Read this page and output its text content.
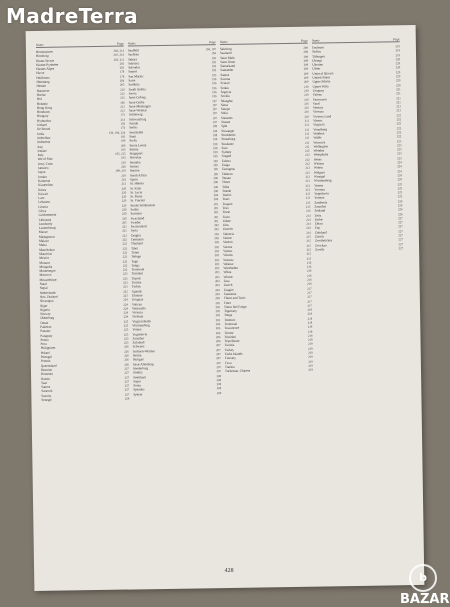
MadreTerra
b
BAZAR
Name	Page
Homonymes	204, 214
Homburg	210, 214
Haute-Savoie	203, 211
Hautes-Pyrénées	203
Hautes-Alpes	203
Havre	178
Heilbronn	178
Hemming	204
Hessen	205
Hannover	210
Hochst	212
Hof	212
Holstein	160
Hong Kong	213
Honduras	213
Hungary	173
Hyderabad	214
Iceland	193
Ile Rouad	174
India	130, 184, 224
Indochina	193
Indonesia	199
Iraq	209
Ireland	185
Italy	165, 215
Isle of Man	193
Ivory Coast	219
Jamaica	220
Japan	199, 219
Jordan	219
Kamerun	219
Kiautschou	213
Korea	220
Kuwait	220
Laos	220
Lebanon	220
Liberia	220
Libya	220
Liechtenstein	220
Lithuania	220
Lombardy	205
Luxembourg	221
Macao	221
Madagascar	221
Malaya	222
Malta	222
Manchukuo	222
Mauritius	222
Mexico	222
Monaco	222
Mongolia	222
Montenegro	222
Morocco	223
Mozambique	223
Natal	223
Nepal	223
Netherlands	223
New Zealand	223
Nicaragua	224
Niger	224
Nigeria	224
Norway	224
Oldenburg	224
Oman	225
Pakistan	225
Panama	225
Paraguay	225
Persia	225
Peru	225
Philippines	226
Poland	226
Portugal	226
Prussia	226
Queensland	226
Reunion	227
Romania	227
Russia	227
Saar	227
Samoa	227
Sarawak	227
Saxony	227
Senegal	228
Name	Page
Saalfeld	194, 197
Sachsen	194
Sahara	195
Salonica	195
Salvador	195
Samos	195
San Marino	195
Sarre	196
Sardinia	196
Saudi Arabia	196
Savoy	196
Saxe-Coburg	196
Saxe-Gotha	197
Saxe-Meiningen	197
Saxe-Weimar	197
Schleswig	197
Schwarzburg	197
Scinde	197
Serbia	198
Seychelles	198
Siam	198
Sicily	198
Sierra Leone	198
Silesia	198
Singapore	199
Slovakia	199
Somalia	199
Sonora	199
Sopron	199
South Africa	199
Spain	200
St. Helena	200
St. Kitts	200
St. Lucia	200
St. Pierre	200
St. Vincent	200
Straits Settlements	201
Sudan	201
Surinam	201
Swaziland	201
Sweden	201
Switzerland	202
Syria	202
Tangier	202
Tasmania	202
Thailand	202
Tibet	202
Timor	203
Tobago	203
Togo	203
Tonga	203
Transvaal	203
Trinidad	203
Tripoli	203
Tunisia	204
Turkey	204
Uganda	204
Ukraine	204
Uruguay	204
Vatican	205
Venezuela	205
Victoria	205
Vietnam	205
Virgin Islands	205
Württemberg	206
Yemen	206
Yugoslavia	206
Zanzibar	206
Zululand	206
Schwerin	207
Sachsen-Weimar	207
Stettin	207
Stuttgart	207
Saxe-Altenburg	207
Sonderburg	207
Strelitz	207
Solothurn	208
Sopot	208
Sorau	208
Spandau	208
Speyer	208
Name	Page
Salzburg	208
Saarland	208
Saint Malo	209
Saint Omer	209
Samarkand	209
Santander	209
Santos	209
Savona	209
Scutari	209
Sedan	210
Segovia	210
Sevilla	210
Shanghai	210
Siena	210
Sinope	210
Sofia	210
Soissons	210
Sousse	211
Split	211
Stavanger	211
Stockholm	211
Strassburg	211
Stralsund	211
Suez	211
Sydney	212
Szeged	212
Tabora	212
Tanga	212
Tarragona	212
Teheran	212
Tetuan	212
Thorn	213
Tiflis	213
Toledo	213
Toulon	213
Tours	213
Trapani	213
Trier	213
Triest	214
Turin	214
Udine	214
Ulm	214
Utrecht	214
Valencia	214
Venice	215
Verdun	215
Verona	215
Vienna	215
Vilnius	215
Warsaw	215
Weimar	216
Wiesbaden	216
Wilna	216
Worms	216
Zara	216
Zurich	216
Tangier	217
Tasmania	217
Thurn and Taxis	217
Tibet	217
Tierra Del Fuego	217
Tipperary	218
Tonga	218
Trentino	218
Transvaal	218
Travancore	218
Trieste	218
Trinidad	218
Tripolitania	219
Tunisia	219
Turkey	219
Turks Islands	219
Tuscany	219
Tuva	219
Tunisia	219
Turkestan, Chinese	219
Name	Page
Toulouse	219
Tschita	219
Tübingen	219
Ubangi	220
Ukraine	220
Ulster	220
Umm al Qiwain	220
United States	220
Upper Silesia	220
Upper Volta	220
Uruguay	221
Valona	221
Vancouver	221
Vaud	221
Venezia	221
Vicenza	221
Victoria Land	222
Vienna	222
Virgin Is.	222
Vorarlberg	222
Waldeck	222
Wallis	222
Warwick	223
Wellington	223
Wenden	223
Westphalia	223
Weiss	223
Wismar	224
Witten	224
Wolgast	224
Wrangel	224
Württemberg	224
Yemen	225
Yucatan	225
Yugoslavia	225
Yunnan	225
Zambesia	226
Zanzibar	226
Zealand	226
Zeitz	226
Zerbst	227
Zittau	227
Zug	227
Zululand	227
Zürich	227
Zweibrücken	227
Zwickau	227
Zwolle	227
428
